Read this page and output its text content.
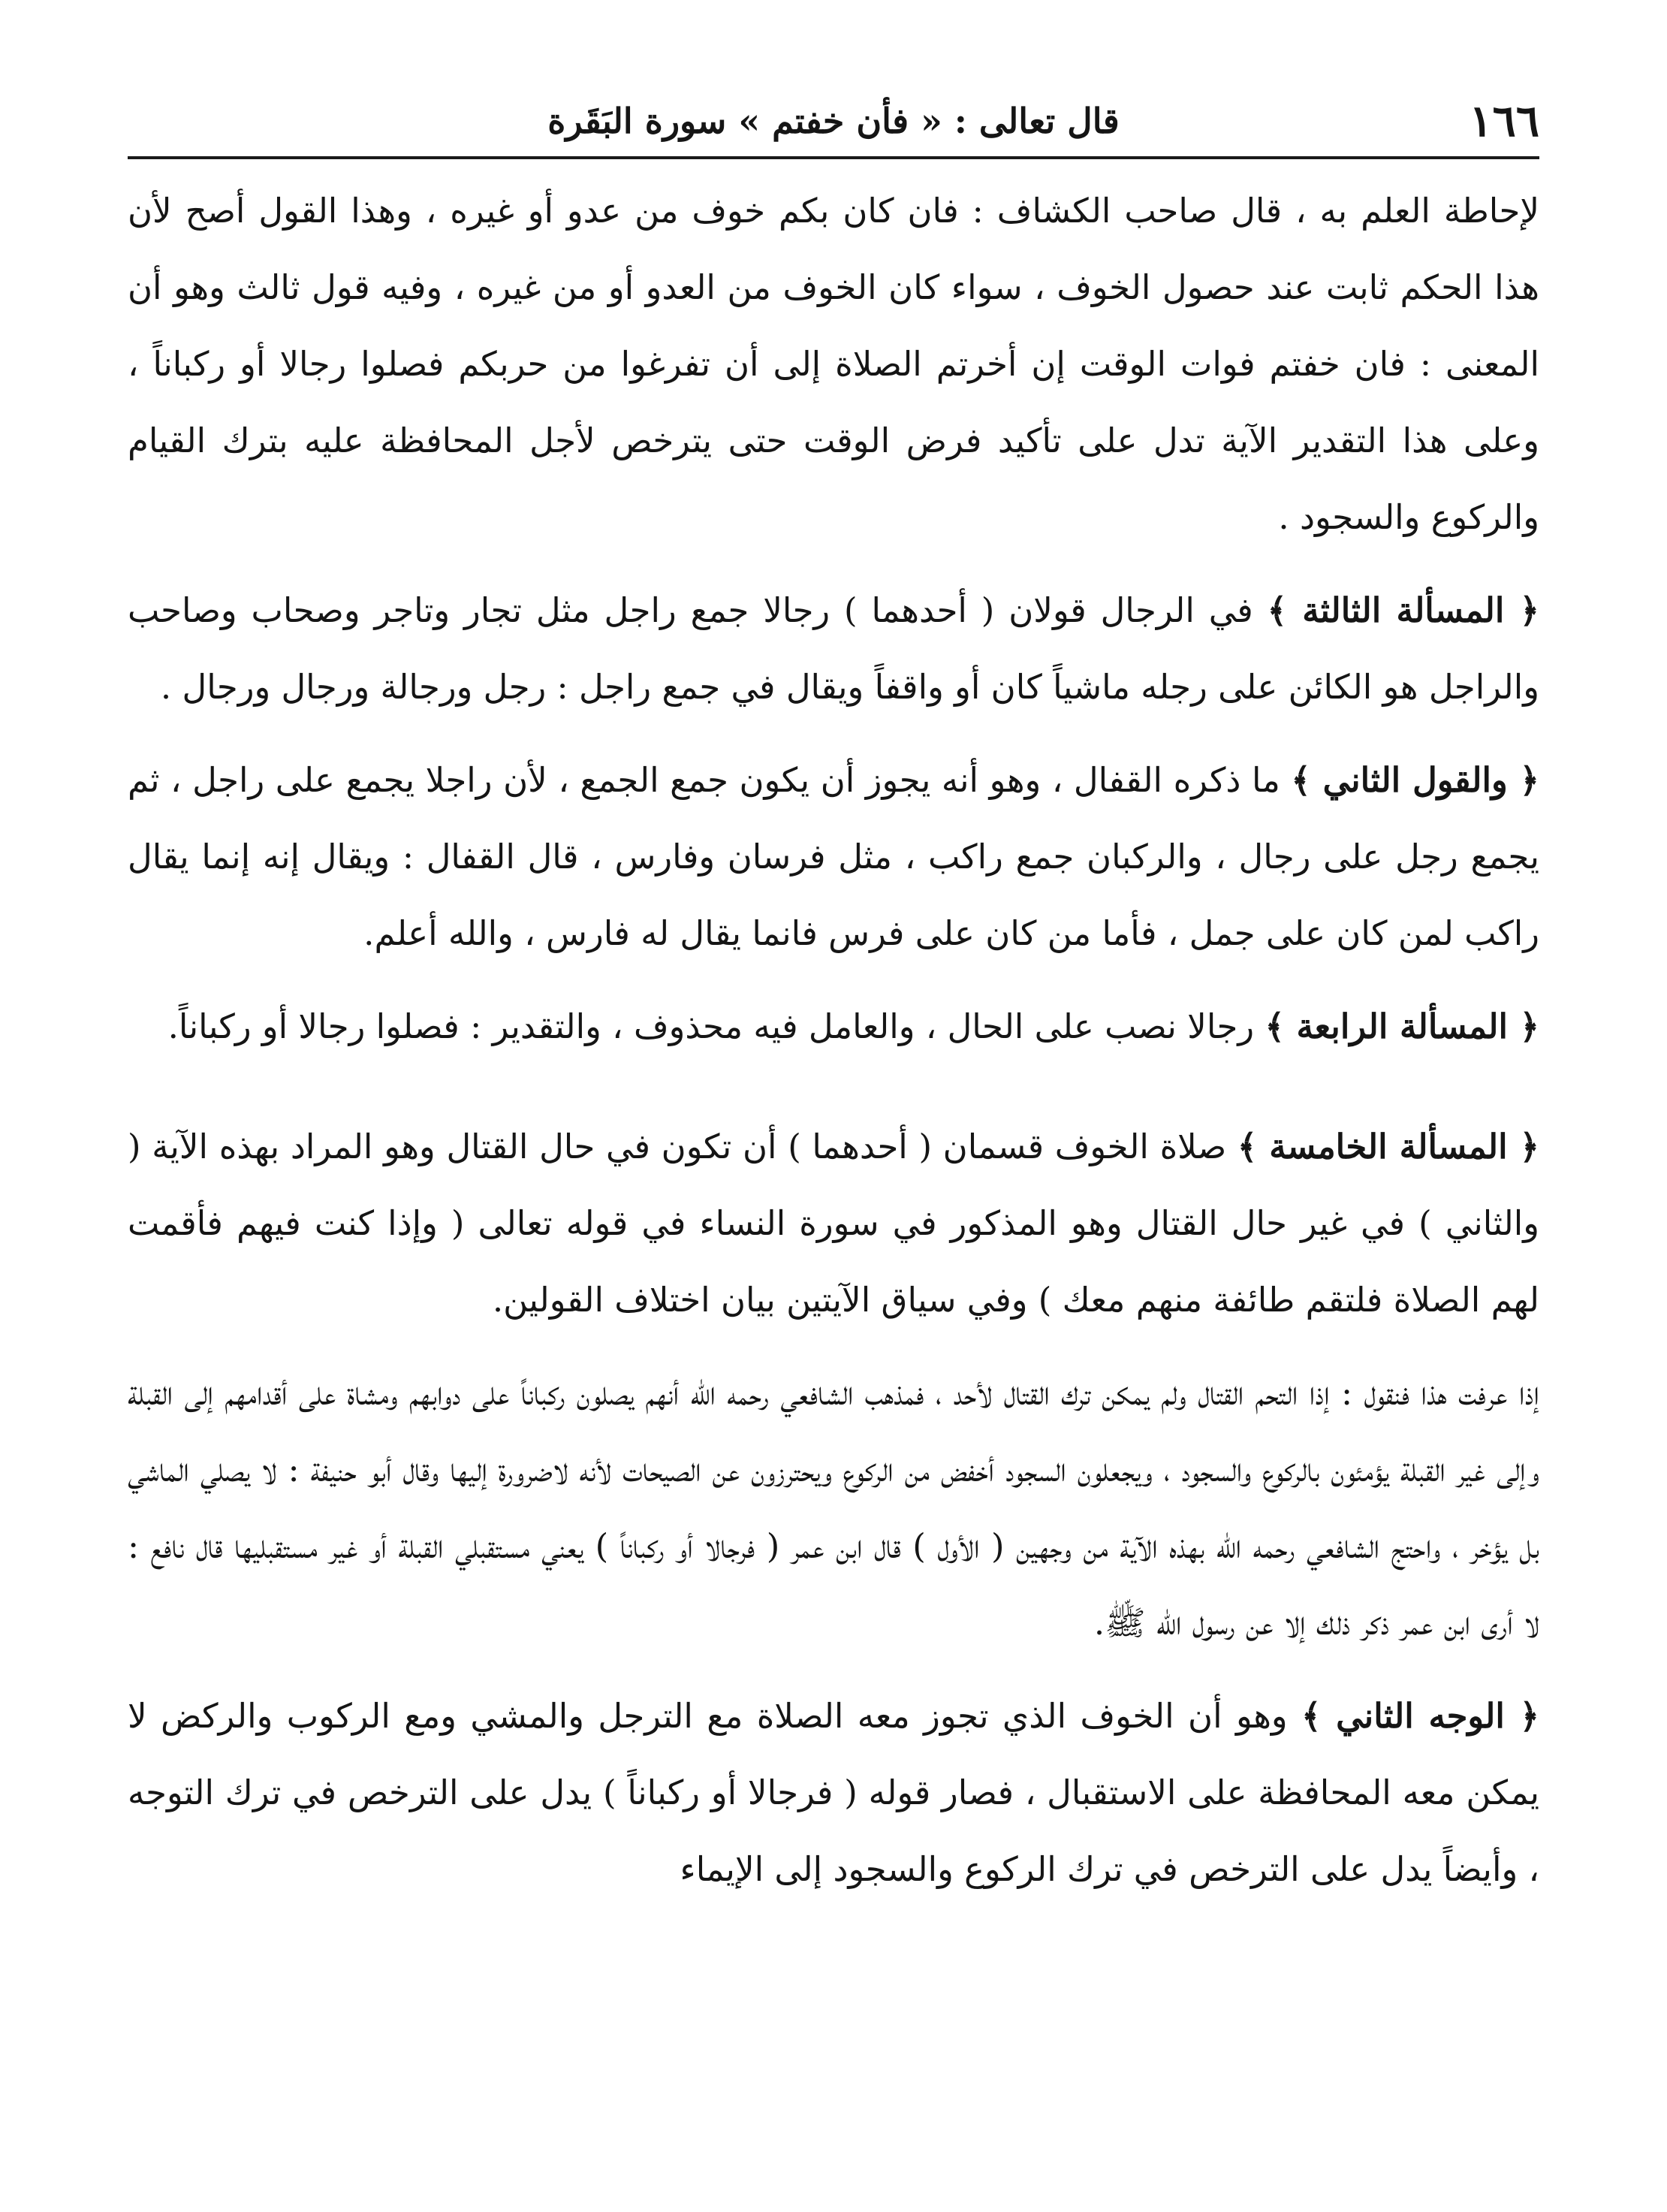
١٦٦
قال تعالى : « فأن خفتم » سورة البَقَرة

لإحاطة العلم به ، قال صاحب الكشاف : فان كان بكم خوف من عدو أو غيره ، وهذا القول أصح لأن هذا الحكم ثابت عند حصول الخوف ، سواء كان الخوف من العدو أو من غيره ، وفيه قول ثالث وهو أن المعنى : فان خفتم فوات الوقت إن أخرتم الصلاة إلى أن تفرغوا من حربكم فصلوا رجالا أو ركباناً ، وعلى هذا التقدير الآية تدل على تأكيد فرض الوقت حتى يترخص لأجل المحافظة عليه بترك القيام والركوع والسجود .

﴿ المسألة الثالثة ﴾ في الرجال قولان ( أحدهما ) رجالا جمع راجل مثل تجار وتاجر وصحاب وصاحب والراجل هو الكائن على رجله ماشياً كان أو واقفاً ويقال في جمع راجل : رجل ورجالة ورجال ورجال .

﴿ والقول الثاني ﴾ ما ذكره القفال ، وهو أنه يجوز أن يكون جمع الجمع ، لأن راجلا يجمع على راجل ، ثم يجمع رجل على رجال ، والركبان جمع راكب ، مثل فرسان وفارس ، قال القفال : ويقال إنه إنما يقال راكب لمن كان على جمل ، فأما من كان على فرس فانما يقال له فارس ، والله أعلم.

﴿ المسألة الرابعة ﴾ رجالا نصب على الحال ، والعامل فيه محذوف ، والتقدير : فصلوا رجالا أو ركباناً.

﴿ المسألة الخامسة ﴾ صلاة الخوف قسمان ( أحدهما ) أن تكون في حال القتال وهو المراد بهذه الآية ( والثاني ) في غير حال القتال وهو المذكور في سورة النساء في قوله تعالى ( وإذا كنت فيهم فأقمت لهم الصلاة فلتقم طائفة منهم معك ) وفي سياق الآيتين بيان اختلاف القولين.

إذا عرفت هذا فنقول : إذا التحم القتال ولم يمكن ترك القتال لأحد ، فمذهب الشافعي رحمه الله أنهم يصلون ركباناً على دوابهم ومشاة على أقدامهم إلى القبلة وإلى غير القبلة يؤمئون بالركوع والسجود ، ويجعلون السجود أخفض من الركوع ويحترزون عن الصيحات لأنه لاضرورة إليها وقال أبو حنيفة : لا يصلي الماشي بل يؤخر ، واحتج الشافعي رحمه الله بهذه الآية من وجهين ( الأول ) قال ابن عمر ( فرجالا أو ركباناً ) يعني مستقبلي القبلة أو غير مستقبليها قال نافع : لا أرى ابن عمر ذكر ذلك إلا عن رسول الله ﷺ.

﴿ الوجه الثاني ﴾ وهو أن الخوف الذي تجوز معه الصلاة مع الترجل والمشي ومع الركوب والركض لا يمكن معه المحافظة على الاستقبال ، فصار قوله ( فرجالا أو ركباناً ) يدل على الترخص في ترك التوجه ، وأيضاً يدل على الترخص في ترك الركوع والسجود إلى الإيماء
